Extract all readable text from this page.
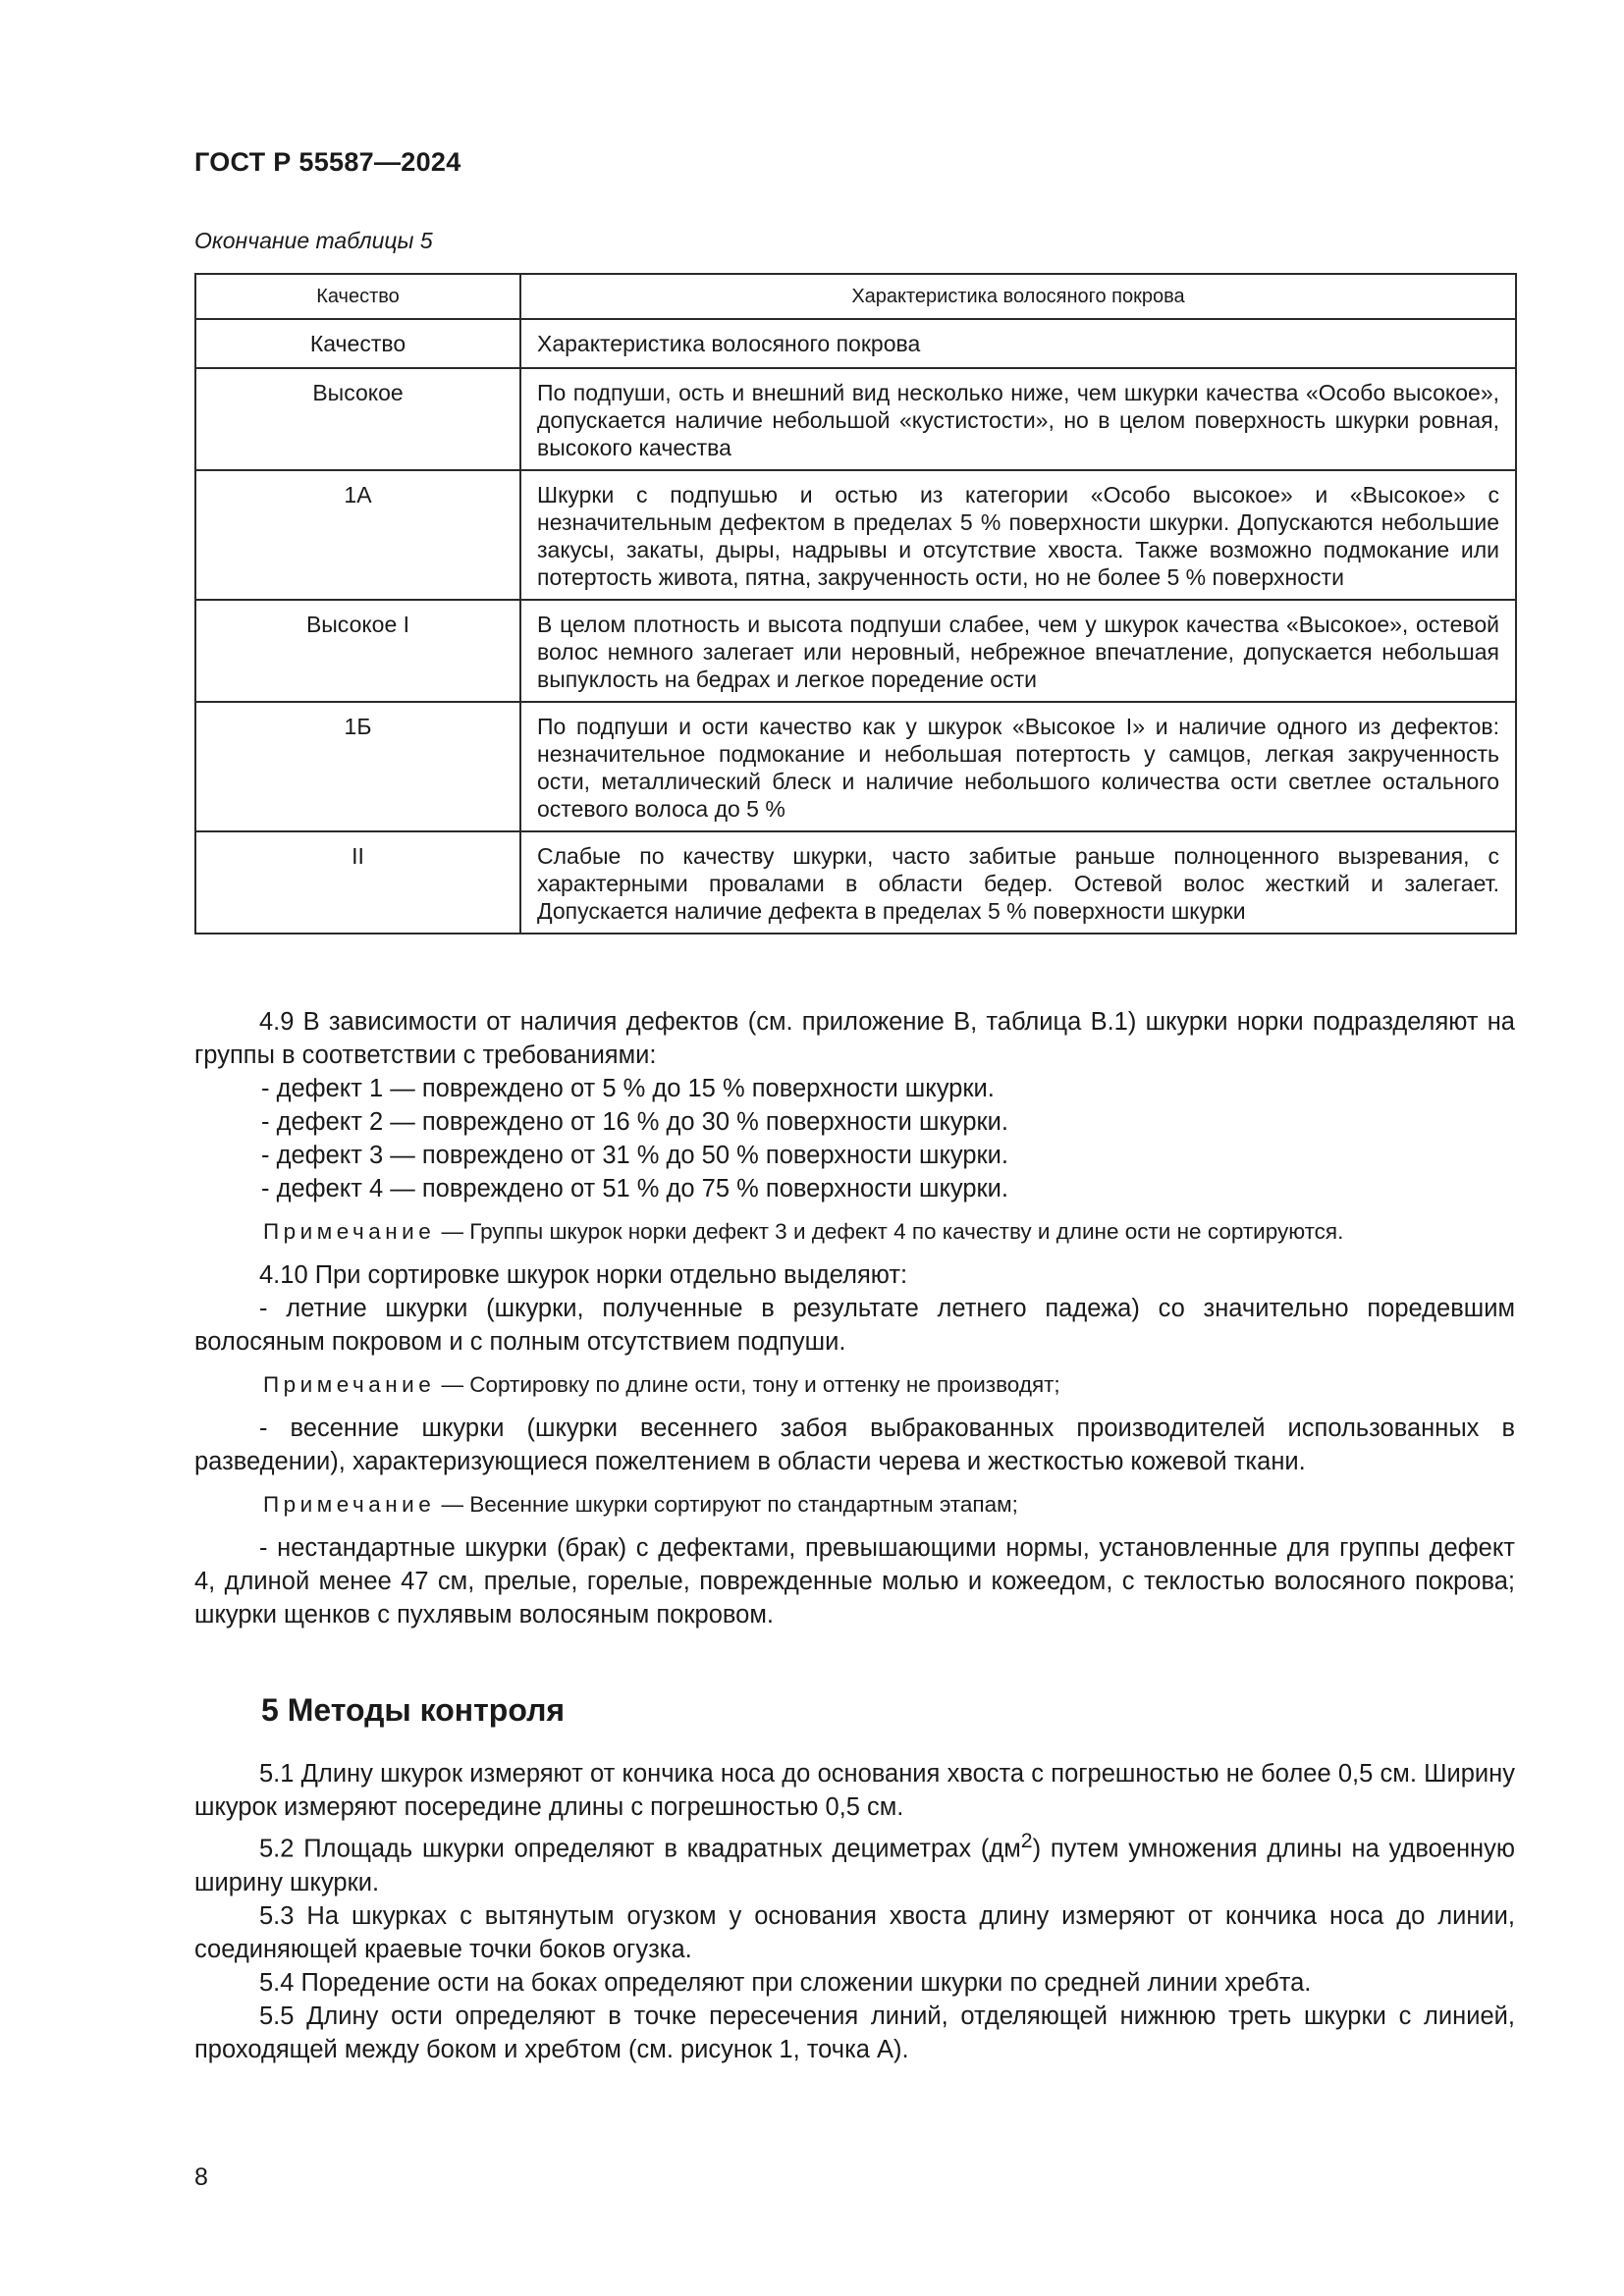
ГОСТ Р 55587—2024
Окончание таблицы 5
Качество	Характеристика волосяного покрова
Качество	Характеристика волосяного покрова
Высокое	По подпуши, ость и внешний вид несколько ниже, чем шкурки качества «Особо высокое», допускается наличие небольшой «кустистости», но в целом поверхность шкурки ровная, высокого качества
1А	Шкурки с подпушью и остью из категории «Особо высокое» и «Высокое» с незначительным дефектом в пределах 5 % поверхности шкурки. Допускаются небольшие закусы, закаты, дыры, надрывы и отсутствие хвоста. Также возможно подмокание или потертость живота, пятна, закрученность ости, но не более 5 % поверхности
Высокое I	В целом плотность и высота подпуши слабее, чем у шкурок качества «Высокое», остевой волос немного залегает или неровный, небрежное впечатление, допускается небольшая выпуклость на бедрах и легкое поредение ости
1Б	По подпуши и ости качество как у шкурок «Высокое I» и наличие одного из дефектов: незначительное подмокание и небольшая потертость у самцов, легкая закрученность ости, металлический блеск и наличие небольшого количества ости светлее остального остевого волоса до 5 %
II	Слабые по качеству шкурки, часто забитые раньше полноценного вызревания, с характерными провалами в области бедер. Остевой волос жесткий и залегает. Допускается наличие дефекта в пределах 5 % поверхности шкурки

4.9 В зависимости от наличия дефектов (см. приложение В, таблица В.1) шкурки норки подразделяют на группы в соответствии с требованиями:

- дефект 1 — повреждено от 5 % до 15 % поверхности шкурки.

- дефект 2 — повреждено от 16 % до 30 % поверхности шкурки.

- дефект 3 — повреждено от 31 % до 50 % поверхности шкурки.

- дефект 4 — повреждено от 51 % до 75 % поверхности шкурки.

Примечание — Группы шкурок норки дефект 3 и дефект 4 по качеству и длине ости не сортируются.

4.10 При сортировке шкурок норки отдельно выделяют:

- летние шкурки (шкурки, полученные в результате летнего падежа) со значительно поредевшим волосяным покровом и с полным отсутствием подпуши.

Примечание — Сортировку по длине ости, тону и оттенку не производят;

- весенние шкурки (шкурки весеннего забоя выбракованных производителей использованных в разведении), характеризующиеся пожелтением в области черева и жесткостью кожевой ткани.

Примечание — Весенние шкурки сортируют по стандартным этапам;

- нестандартные шкурки (брак) с дефектами, превышающими нормы, установленные для группы дефект 4, длиной менее 47 см, прелые, горелые, поврежденные молью и кожеедом, с теклостью волосяного покрова; шкурки щенков с пухлявым волосяным покровом.

5 Методы контроля

5.1 Длину шкурок измеряют от кончика носа до основания хвоста с погрешностью не более 0,5 см. Ширину шкурок измеряют посередине длины с погрешностью 0,5 см.

5.2 Площадь шкурки определяют в квадратных дециметрах $(дм^2)$ путем умножения длины на удвоенную ширину шкурки.

5.3 На шкурках с вытянутым огузком у основания хвоста длину измеряют от кончика носа до линии, соединяющей краевые точки боков огузка.

5.4 Поредение ости на боках определяют при сложении шкурки по средней линии хребта.

5.5 Длину ости определяют в точке пересечения линий, отделяющей нижнюю треть шкурки с линией, проходящей между боком и хребтом (см. рисунок 1, точка А).

8
